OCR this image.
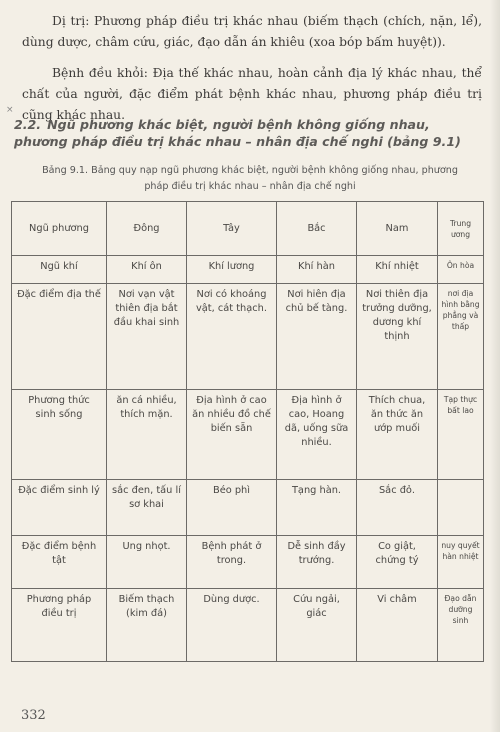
Dị trị: Phương pháp điều trị khác nhau (biếm thạch (chích, nặn, lể), dùng dược, châm cứu, giác, đạo dẫn án khiêu (xoa bóp bấm huyệt)).
Bệnh đều khỏi: Địa thế khác nhau, hoàn cảnh địa lý khác nhau, thể chất của người, đặc điểm phát bệnh khác nhau, phương pháp điều trị cũng khác nhau.
×
2.2. Ngũ phương khác biệt, người bệnh không giống nhau, phương pháp điều trị khác nhau – nhân địa chế nghi (bảng 9.1)
Bảng 9.1. Bảng quy nạp ngũ phương khác biệt, người bệnh không giống nhau, phương pháp điều trị khác nhau – nhân địa chế nghi
Ngũ phương	Đông	Tây	Bắc	Nam	Trung ương
Ngũ khí	Khí ôn	Khí lương	Khí hàn	Khí nhiệt	Ôn hòa
Đặc điểm địa thế	Nơi vạn vật thiên địa bắt đầu khai sinh	Nơi có khoáng vật, cát thạch.	Nơi hiên địa chủ bế tàng.	Nơi thiên địa trưởng dưỡng, dương khí thịnh	nơi địa hình bằng phẳng và thấp
Phương thức sinh sống	ăn cá nhiều, thích mặn.	Địa hình ở cao ăn nhiều đồ chế biến sẵn	Địa hình ở cao, Hoang dã, uống sữa nhiều.	Thích chua, ăn thức ăn ướp muối	Tạp thực bất lao
Đặc điểm sinh lý	sắc đen, tấu lí sơ khai	Béo phì	Tạng hàn.	Sắc đỏ.	
Đặc điểm bệnh tật	Ung nhọt.	Bệnh phát ở trong.	Dễ sinh đầy trướng.	Co giật, chứng tý	nuy quyết hàn nhiệt
Phương pháp điều trị	Biếm thạch (kim đá)	Dùng dược.	Cứu ngải, giác	Vi châm	Đạo dẫn dưỡng sinh
332
